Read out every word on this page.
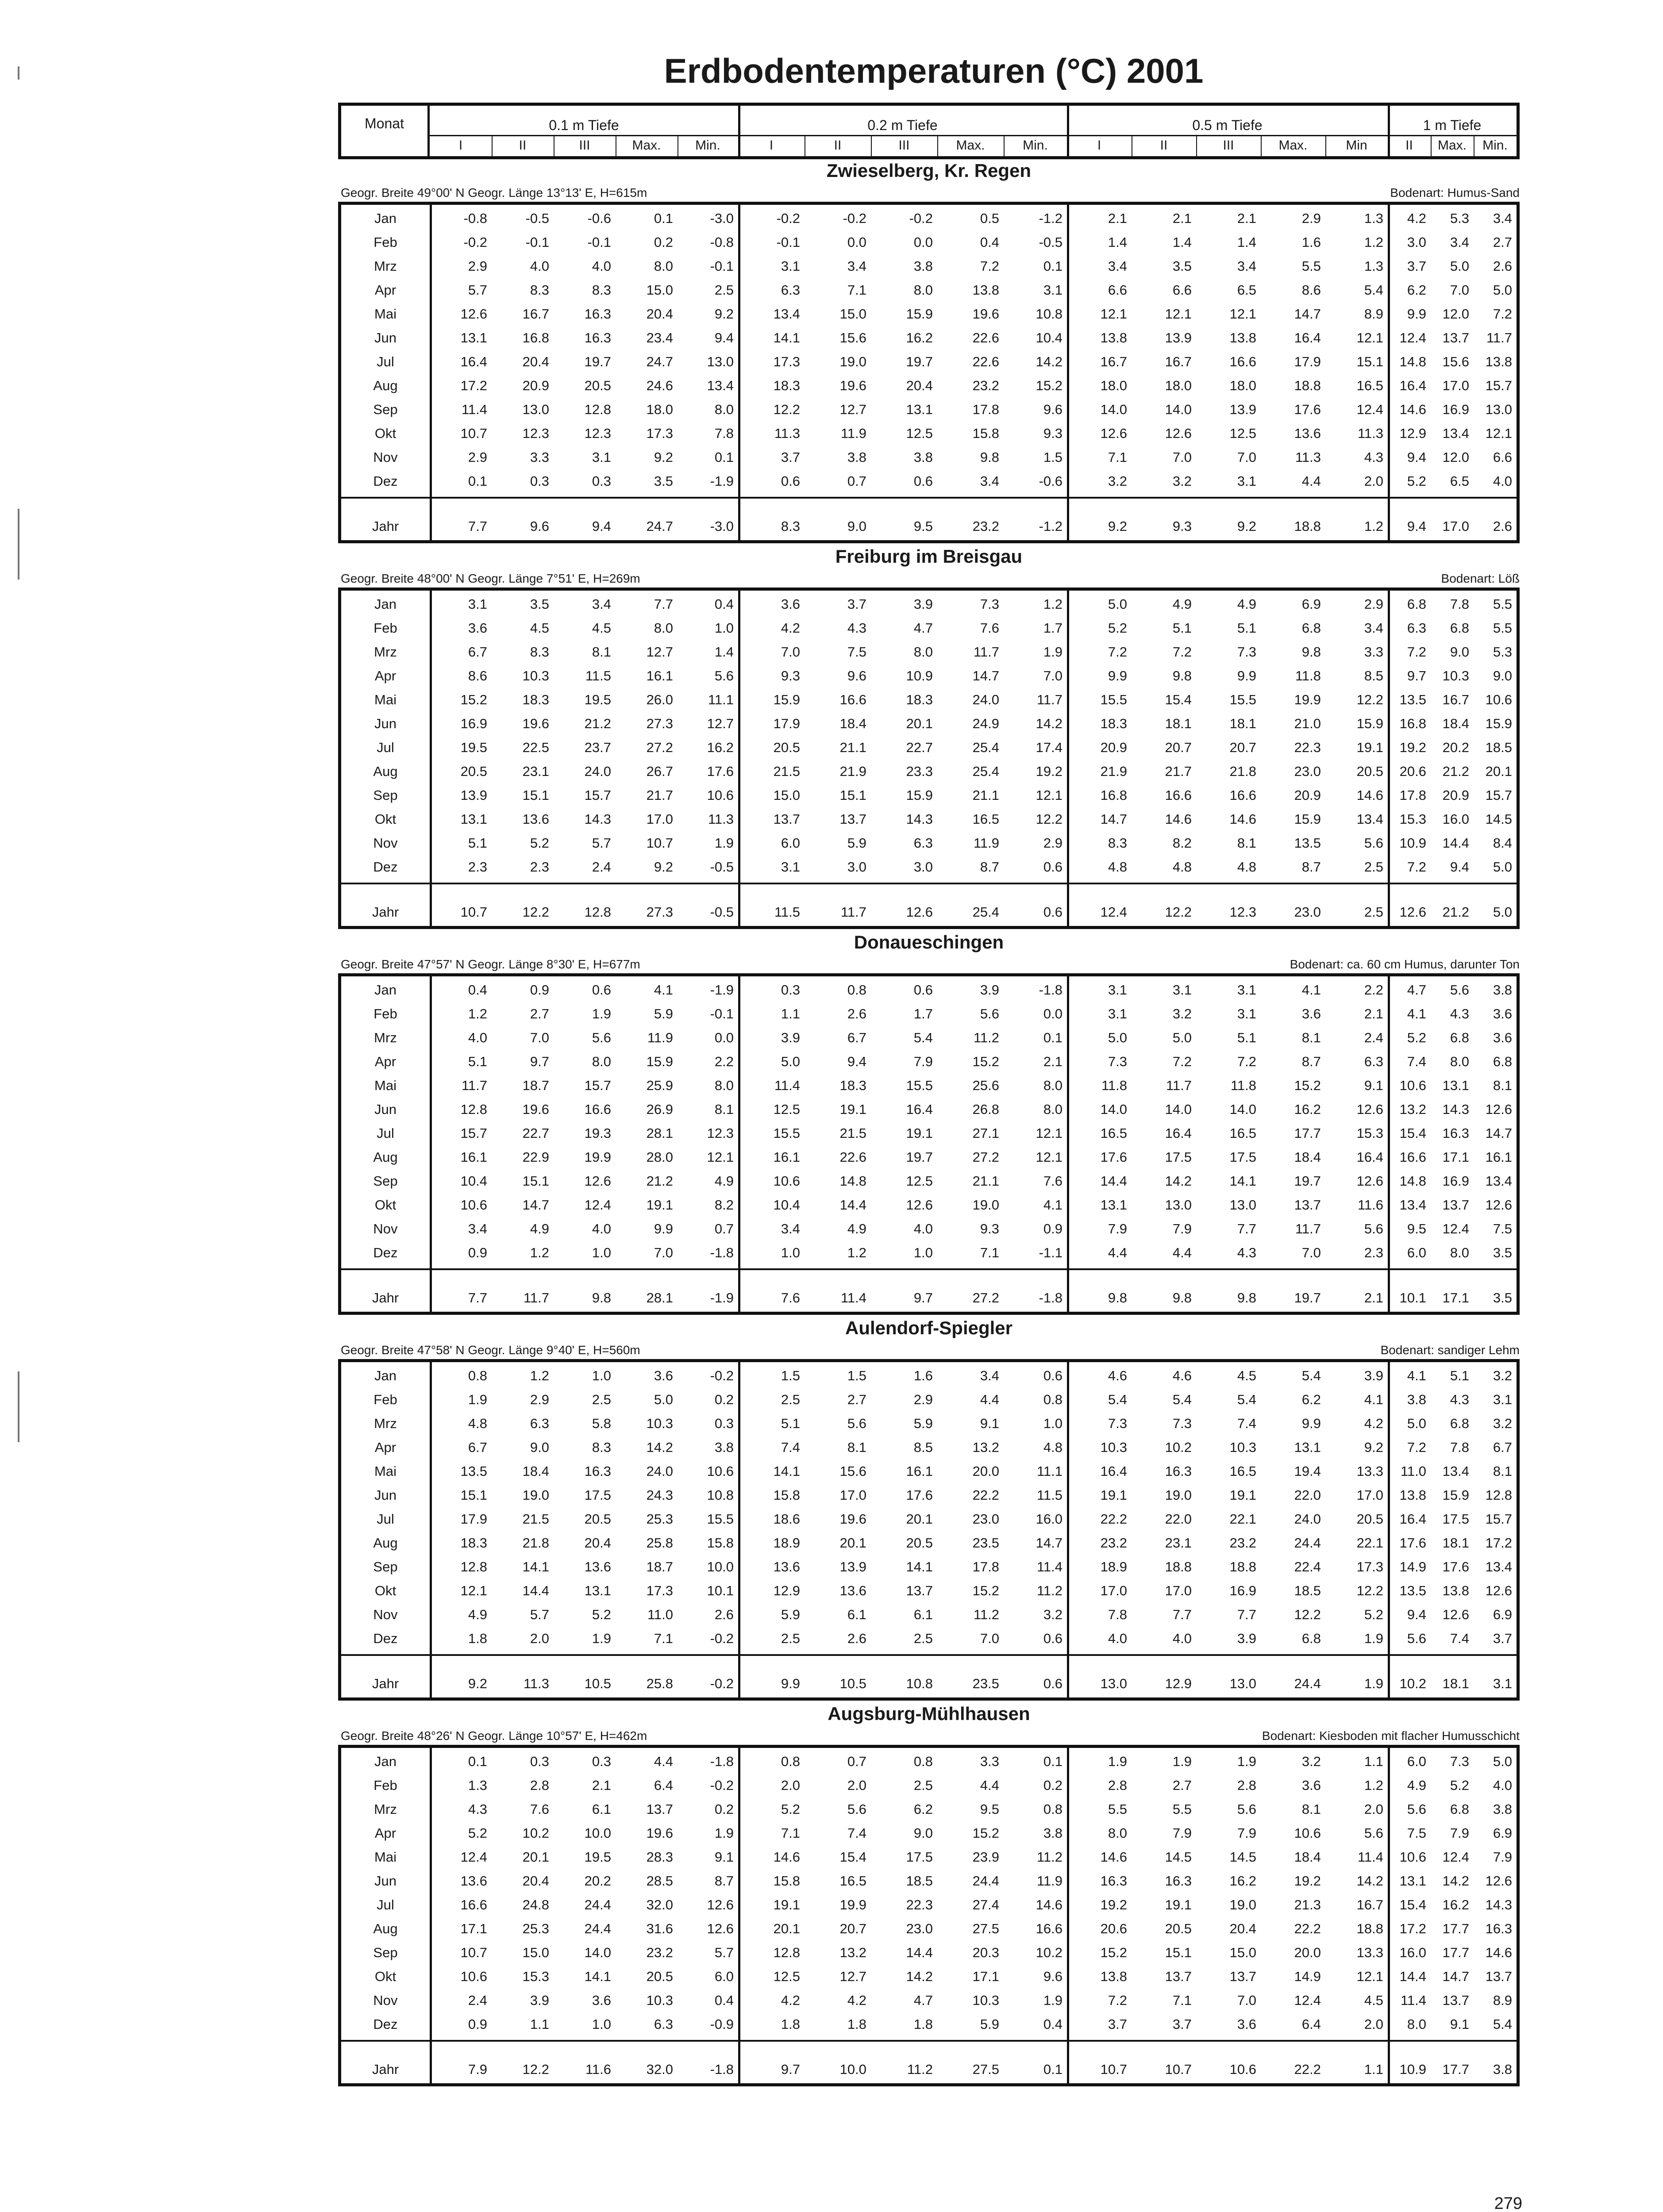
Erdbodentemperaturen (°C) 2001
Monat	0.1 m Tiefe
I	II	III	Max.	Min.
0.2 m Tiefe
I	II	III	Max.	Min.
0.5 m Tiefe
I	II	III	Max.	Min
1 m Tiefe
II	Max.	Min.
Zwieselberg, Kr. Regen
Geogr. Breite 49°00' N Geogr. Länge 13°13' E, H=615m	Bodenart: Humus-Sand
Jan	-0.8	-0.5	-0.6	0.1	-3.0	-0.2	-0.2	-0.2	0.5	-1.2	2.1	2.1	2.1	2.9	1.3	4.2	5.3	3.4
Feb	-0.2	-0.1	-0.1	0.2	-0.8	-0.1	0.0	0.0	0.4	-0.5	1.4	1.4	1.4	1.6	1.2	3.0	3.4	2.7
Mrz	2.9	4.0	4.0	8.0	-0.1	3.1	3.4	3.8	7.2	0.1	3.4	3.5	3.4	5.5	1.3	3.7	5.0	2.6
Apr	5.7	8.3	8.3	15.0	2.5	6.3	7.1	8.0	13.8	3.1	6.6	6.6	6.5	8.6	5.4	6.2	7.0	5.0
Mai	12.6	16.7	16.3	20.4	9.2	13.4	15.0	15.9	19.6	10.8	12.1	12.1	12.1	14.7	8.9	9.9	12.0	7.2
Jun	13.1	16.8	16.3	23.4	9.4	14.1	15.6	16.2	22.6	10.4	13.8	13.9	13.8	16.4	12.1	12.4	13.7	11.7
Jul	16.4	20.4	19.7	24.7	13.0	17.3	19.0	19.7	22.6	14.2	16.7	16.7	16.6	17.9	15.1	14.8	15.6	13.8
Aug	17.2	20.9	20.5	24.6	13.4	18.3	19.6	20.4	23.2	15.2	18.0	18.0	18.0	18.8	16.5	16.4	17.0	15.7
Sep	11.4	13.0	12.8	18.0	8.0	12.2	12.7	13.1	17.8	9.6	14.0	14.0	13.9	17.6	12.4	14.6	16.9	13.0
Okt	10.7	12.3	12.3	17.3	7.8	11.3	11.9	12.5	15.8	9.3	12.6	12.6	12.5	13.6	11.3	12.9	13.4	12.1
Nov	2.9	3.3	3.1	9.2	0.1	3.7	3.8	3.8	9.8	1.5	7.1	7.0	7.0	11.3	4.3	9.4	12.0	6.6
Dez	0.1	0.3	0.3	3.5	-1.9	0.6	0.7	0.6	3.4	-0.6	3.2	3.2	3.1	4.4	2.0	5.2	6.5	4.0
Jahr	7.7	9.6	9.4	24.7	-3.0	8.3	9.0	9.5	23.2	-1.2	9.2	9.3	9.2	18.8	1.2	9.4	17.0	2.6
Freiburg im Breisgau
Geogr. Breite 48°00' N Geogr. Länge 7°51' E, H=269m	Bodenart: Löß
Jan	3.1	3.5	3.4	7.7	0.4	3.6	3.7	3.9	7.3	1.2	5.0	4.9	4.9	6.9	2.9	6.8	7.8	5.5
Feb	3.6	4.5	4.5	8.0	1.0	4.2	4.3	4.7	7.6	1.7	5.2	5.1	5.1	6.8	3.4	6.3	6.8	5.5
Mrz	6.7	8.3	8.1	12.7	1.4	7.0	7.5	8.0	11.7	1.9	7.2	7.2	7.3	9.8	3.3	7.2	9.0	5.3
Apr	8.6	10.3	11.5	16.1	5.6	9.3	9.6	10.9	14.7	7.0	9.9	9.8	9.9	11.8	8.5	9.7	10.3	9.0
Mai	15.2	18.3	19.5	26.0	11.1	15.9	16.6	18.3	24.0	11.7	15.5	15.4	15.5	19.9	12.2	13.5	16.7	10.6
Jun	16.9	19.6	21.2	27.3	12.7	17.9	18.4	20.1	24.9	14.2	18.3	18.1	18.1	21.0	15.9	16.8	18.4	15.9
Jul	19.5	22.5	23.7	27.2	16.2	20.5	21.1	22.7	25.4	17.4	20.9	20.7	20.7	22.3	19.1	19.2	20.2	18.5
Aug	20.5	23.1	24.0	26.7	17.6	21.5	21.9	23.3	25.4	19.2	21.9	21.7	21.8	23.0	20.5	20.6	21.2	20.1
Sep	13.9	15.1	15.7	21.7	10.6	15.0	15.1	15.9	21.1	12.1	16.8	16.6	16.6	20.9	14.6	17.8	20.9	15.7
Okt	13.1	13.6	14.3	17.0	11.3	13.7	13.7	14.3	16.5	12.2	14.7	14.6	14.6	15.9	13.4	15.3	16.0	14.5
Nov	5.1	5.2	5.7	10.7	1.9	6.0	5.9	6.3	11.9	2.9	8.3	8.2	8.1	13.5	5.6	10.9	14.4	8.4
Dez	2.3	2.3	2.4	9.2	-0.5	3.1	3.0	3.0	8.7	0.6	4.8	4.8	4.8	8.7	2.5	7.2	9.4	5.0
Jahr	10.7	12.2	12.8	27.3	-0.5	11.5	11.7	12.6	25.4	0.6	12.4	12.2	12.3	23.0	2.5	12.6	21.2	5.0
Donaueschingen
Geogr. Breite 47°57' N Geogr. Länge 8°30' E, H=677m	Bodenart: ca. 60 cm Humus, darunter Ton
Jan	0.4	0.9	0.6	4.1	-1.9	0.3	0.8	0.6	3.9	-1.8	3.1	3.1	3.1	4.1	2.2	4.7	5.6	3.8
Feb	1.2	2.7	1.9	5.9	-0.1	1.1	2.6	1.7	5.6	0.0	3.1	3.2	3.1	3.6	2.1	4.1	4.3	3.6
Mrz	4.0	7.0	5.6	11.9	0.0	3.9	6.7	5.4	11.2	0.1	5.0	5.0	5.1	8.1	2.4	5.2	6.8	3.6
Apr	5.1	9.7	8.0	15.9	2.2	5.0	9.4	7.9	15.2	2.1	7.3	7.2	7.2	8.7	6.3	7.4	8.0	6.8
Mai	11.7	18.7	15.7	25.9	8.0	11.4	18.3	15.5	25.6	8.0	11.8	11.7	11.8	15.2	9.1	10.6	13.1	8.1
Jun	12.8	19.6	16.6	26.9	8.1	12.5	19.1	16.4	26.8	8.0	14.0	14.0	14.0	16.2	12.6	13.2	14.3	12.6
Jul	15.7	22.7	19.3	28.1	12.3	15.5	21.5	19.1	27.1	12.1	16.5	16.4	16.5	17.7	15.3	15.4	16.3	14.7
Aug	16.1	22.9	19.9	28.0	12.1	16.1	22.6	19.7	27.2	12.1	17.6	17.5	17.5	18.4	16.4	16.6	17.1	16.1
Sep	10.4	15.1	12.6	21.2	4.9	10.6	14.8	12.5	21.1	7.6	14.4	14.2	14.1	19.7	12.6	14.8	16.9	13.4
Okt	10.6	14.7	12.4	19.1	8.2	10.4	14.4	12.6	19.0	4.1	13.1	13.0	13.0	13.7	11.6	13.4	13.7	12.6
Nov	3.4	4.9	4.0	9.9	0.7	3.4	4.9	4.0	9.3	0.9	7.9	7.9	7.7	11.7	5.6	9.5	12.4	7.5
Dez	0.9	1.2	1.0	7.0	-1.8	1.0	1.2	1.0	7.1	-1.1	4.4	4.4	4.3	7.0	2.3	6.0	8.0	3.5
Jahr	7.7	11.7	9.8	28.1	-1.9	7.6	11.4	9.7	27.2	-1.8	9.8	9.8	9.8	19.7	2.1	10.1	17.1	3.5
Aulendorf-Spiegler
Geogr. Breite 47°58' N Geogr. Länge 9°40' E, H=560m	Bodenart: sandiger Lehm
Jan	0.8	1.2	1.0	3.6	-0.2	1.5	1.5	1.6	3.4	0.6	4.6	4.6	4.5	5.4	3.9	4.1	5.1	3.2
Feb	1.9	2.9	2.5	5.0	0.2	2.5	2.7	2.9	4.4	0.8	5.4	5.4	5.4	6.2	4.1	3.8	4.3	3.1
Mrz	4.8	6.3	5.8	10.3	0.3	5.1	5.6	5.9	9.1	1.0	7.3	7.3	7.4	9.9	4.2	5.0	6.8	3.2
Apr	6.7	9.0	8.3	14.2	3.8	7.4	8.1	8.5	13.2	4.8	10.3	10.2	10.3	13.1	9.2	7.2	7.8	6.7
Mai	13.5	18.4	16.3	24.0	10.6	14.1	15.6	16.1	20.0	11.1	16.4	16.3	16.5	19.4	13.3	11.0	13.4	8.1
Jun	15.1	19.0	17.5	24.3	10.8	15.8	17.0	17.6	22.2	11.5	19.1	19.0	19.1	22.0	17.0	13.8	15.9	12.8
Jul	17.9	21.5	20.5	25.3	15.5	18.6	19.6	20.1	23.0	16.0	22.2	22.0	22.1	24.0	20.5	16.4	17.5	15.7
Aug	18.3	21.8	20.4	25.8	15.8	18.9	20.1	20.5	23.5	14.7	23.2	23.1	23.2	24.4	22.1	17.6	18.1	17.2
Sep	12.8	14.1	13.6	18.7	10.0	13.6	13.9	14.1	17.8	11.4	18.9	18.8	18.8	22.4	17.3	14.9	17.6	13.4
Okt	12.1	14.4	13.1	17.3	10.1	12.9	13.6	13.7	15.2	11.2	17.0	17.0	16.9	18.5	12.2	13.5	13.8	12.6
Nov	4.9	5.7	5.2	11.0	2.6	5.9	6.1	6.1	11.2	3.2	7.8	7.7	7.7	12.2	5.2	9.4	12.6	6.9
Dez	1.8	2.0	1.9	7.1	-0.2	2.5	2.6	2.5	7.0	0.6	4.0	4.0	3.9	6.8	1.9	5.6	7.4	3.7
Jahr	9.2	11.3	10.5	25.8	-0.2	9.9	10.5	10.8	23.5	0.6	13.0	12.9	13.0	24.4	1.9	10.2	18.1	3.1
Augsburg-Mühlhausen
Geogr. Breite 48°26' N Geogr. Länge 10°57' E, H=462m	Bodenart: Kiesboden mit flacher Humusschicht
Jan	0.1	0.3	0.3	4.4	-1.8	0.8	0.7	0.8	3.3	0.1	1.9	1.9	1.9	3.2	1.1	6.0	7.3	5.0
Feb	1.3	2.8	2.1	6.4	-0.2	2.0	2.0	2.5	4.4	0.2	2.8	2.7	2.8	3.6	1.2	4.9	5.2	4.0
Mrz	4.3	7.6	6.1	13.7	0.2	5.2	5.6	6.2	9.5	0.8	5.5	5.5	5.6	8.1	2.0	5.6	6.8	3.8
Apr	5.2	10.2	10.0	19.6	1.9	7.1	7.4	9.0	15.2	3.8	8.0	7.9	7.9	10.6	5.6	7.5	7.9	6.9
Mai	12.4	20.1	19.5	28.3	9.1	14.6	15.4	17.5	23.9	11.2	14.6	14.5	14.5	18.4	11.4	10.6	12.4	7.9
Jun	13.6	20.4	20.2	28.5	8.7	15.8	16.5	18.5	24.4	11.9	16.3	16.3	16.2	19.2	14.2	13.1	14.2	12.6
Jul	16.6	24.8	24.4	32.0	12.6	19.1	19.9	22.3	27.4	14.6	19.2	19.1	19.0	21.3	16.7	15.4	16.2	14.3
Aug	17.1	25.3	24.4	31.6	12.6	20.1	20.7	23.0	27.5	16.6	20.6	20.5	20.4	22.2	18.8	17.2	17.7	16.3
Sep	10.7	15.0	14.0	23.2	5.7	12.8	13.2	14.4	20.3	10.2	15.2	15.1	15.0	20.0	13.3	16.0	17.7	14.6
Okt	10.6	15.3	14.1	20.5	6.0	12.5	12.7	14.2	17.1	9.6	13.8	13.7	13.7	14.9	12.1	14.4	14.7	13.7
Nov	2.4	3.9	3.6	10.3	0.4	4.2	4.2	4.7	10.3	1.9	7.2	7.1	7.0	12.4	4.5	11.4	13.7	8.9
Dez	0.9	1.1	1.0	6.3	-0.9	1.8	1.8	1.8	5.9	0.4	3.7	3.7	3.6	6.4	2.0	8.0	9.1	5.4
Jahr	7.9	12.2	11.6	32.0	-1.8	9.7	10.0	11.2	27.5	0.1	10.7	10.7	10.6	22.2	1.1	10.9	17.7	3.8
279
